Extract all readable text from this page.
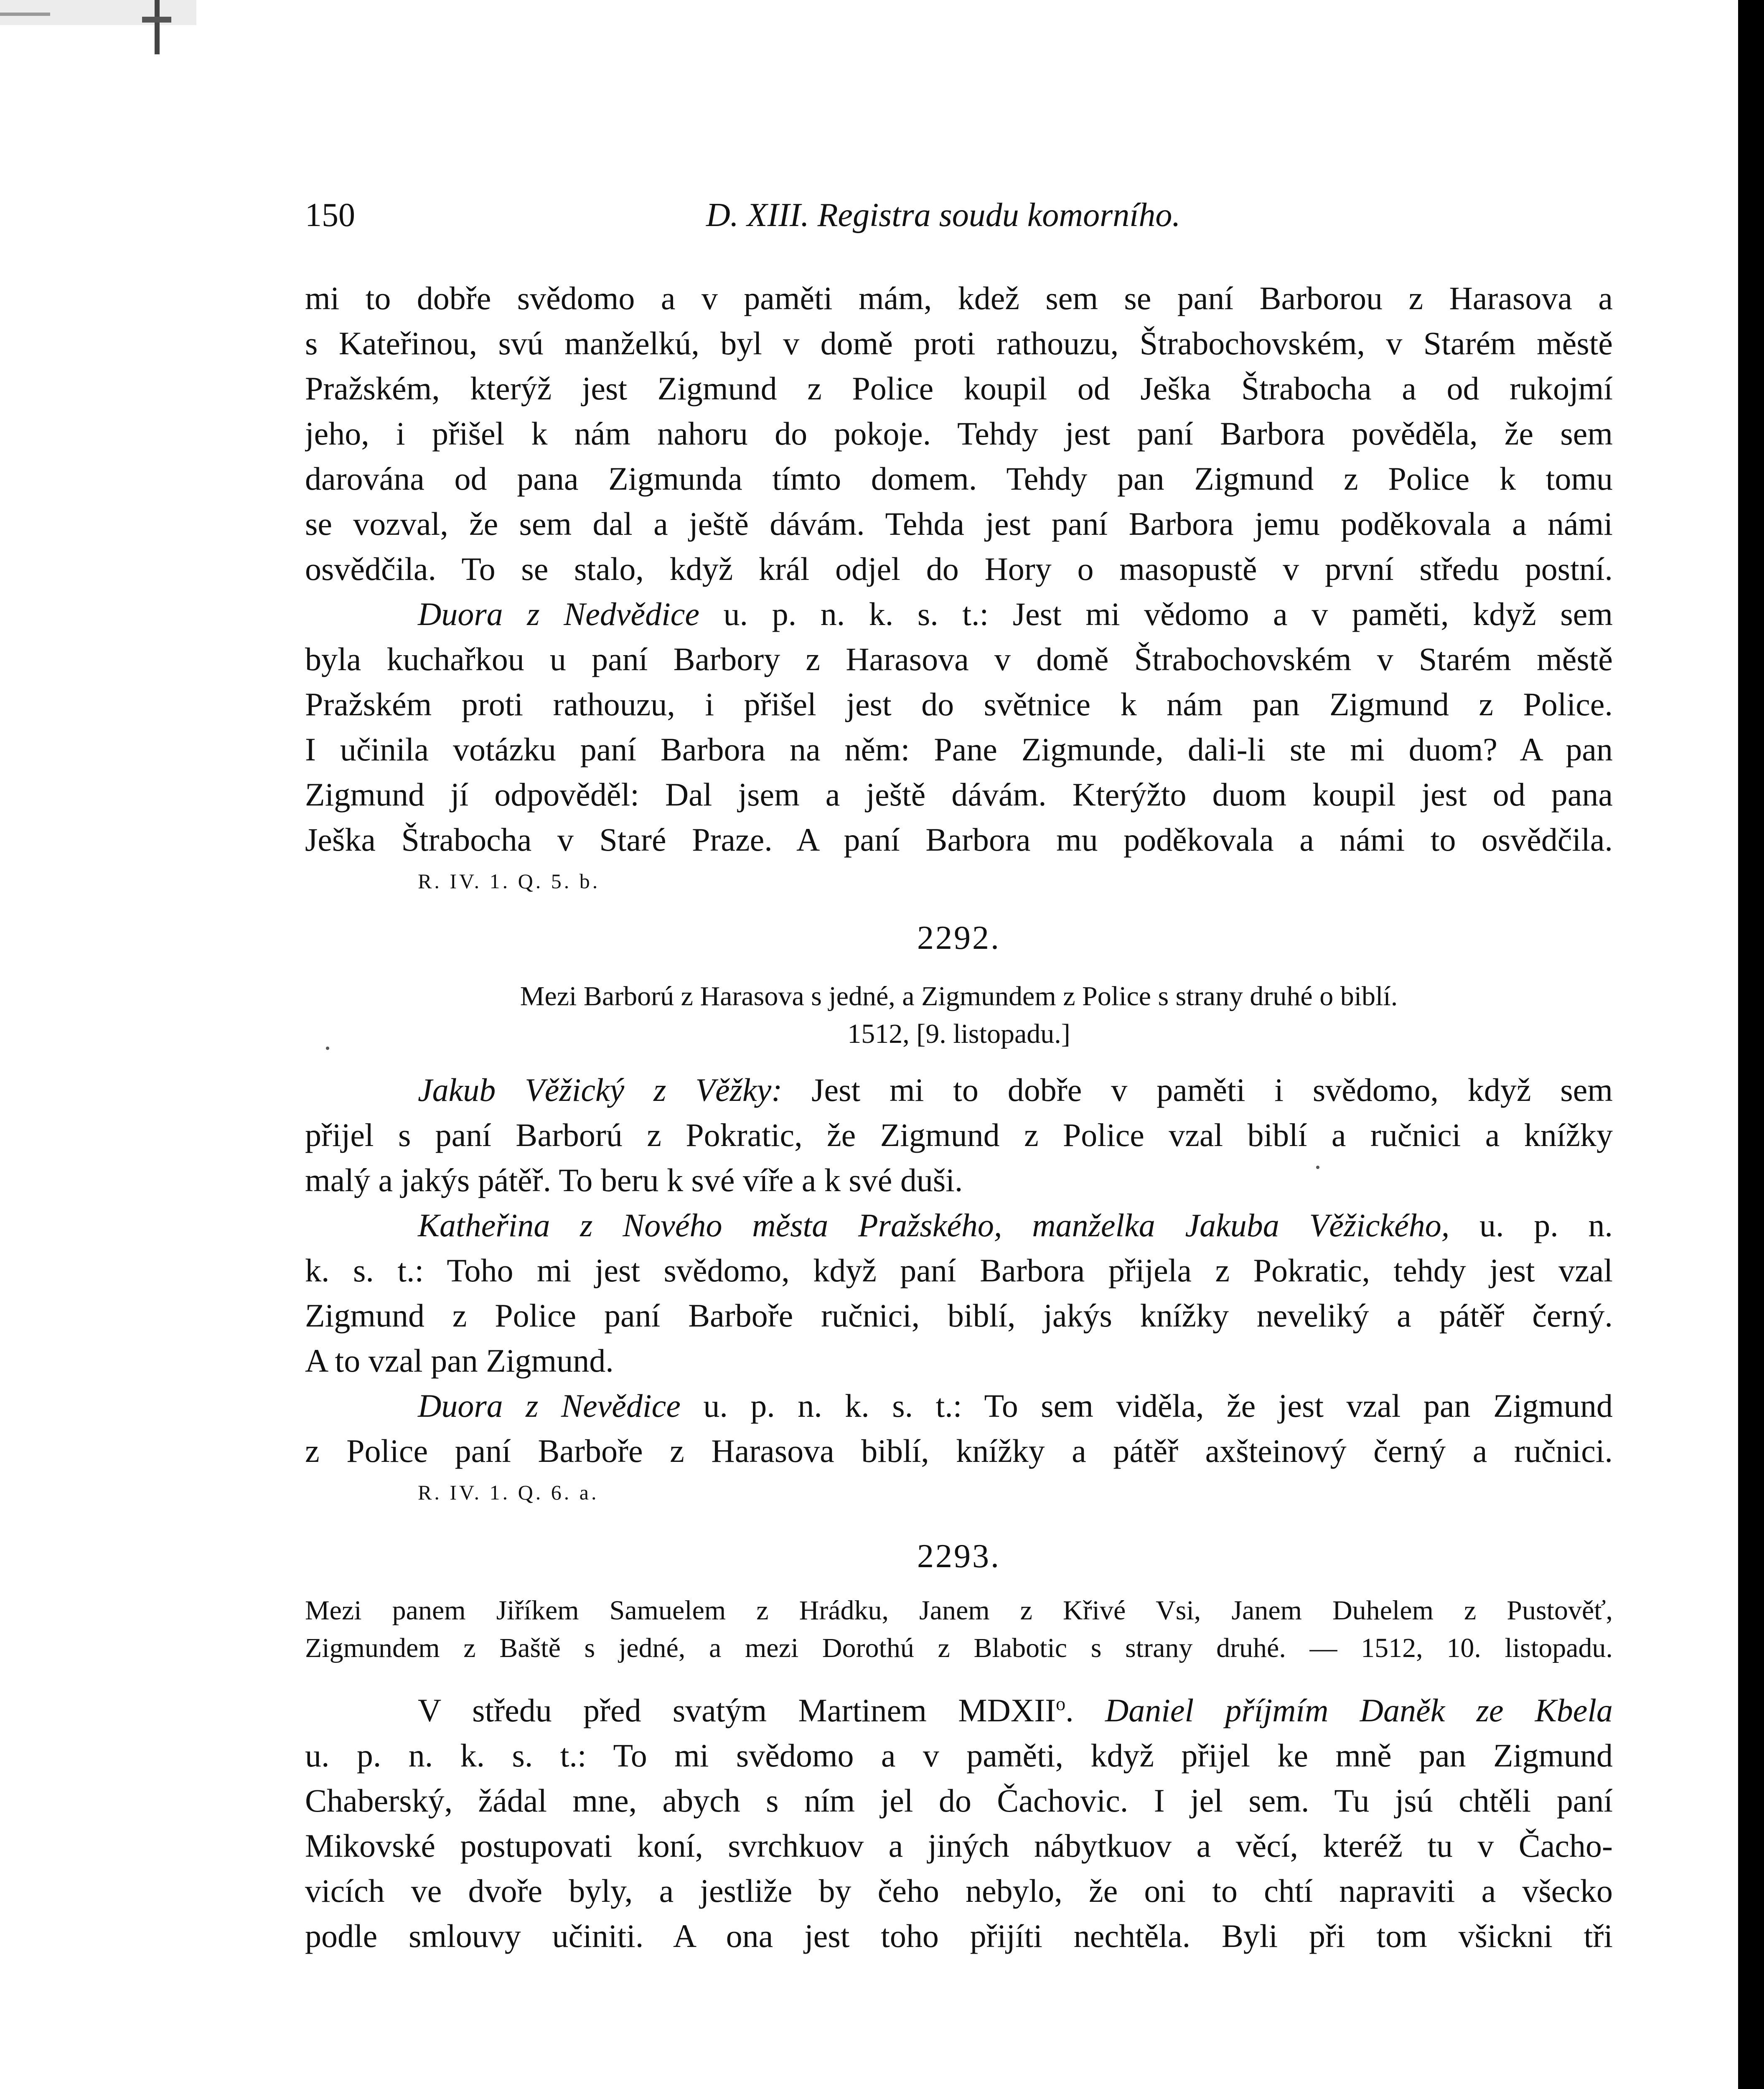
150	D. XIII. Registra soudu komorního.
mi to dobře svědomo a v paměti mám, kdež sem se paní Barborou z Harasova a
s Kateřinou, svú manželkú, byl v domě proti rathouzu, Štrabochovském, v Starém městě
Pražském, kterýž jest Zigmund z Police koupil od Ješka Štrabocha a od rukojmí
jeho, i přišel k nám nahoru do pokoje. Tehdy jest paní Barbora pověděla, že sem
darována od pana Zigmunda tímto domem. Tehdy pan Zigmund z Police k tomu
se vozval, že sem dal a ještě dávám. Tehda jest paní Barbora jemu poděkovala a námi
osvědčila. To se stalo, když král odjel do Hory o masopustě v první středu postní.
Duora z Nedvědice u. p. n. k. s. t.: Jest mi vědomo a v paměti, když sem
byla kuchařkou u paní Barbory z Harasova v domě Štrabochovském v Starém městě
Pražském proti rathouzu, i přišel jest do světnice k nám pan Zigmund z Police.
I učinila votázku paní Barbora na něm: Pane Zigmunde, dali-li ste mi duom? A pan
Zigmund jí odpověděl: Dal jsem a ještě dávám. Kterýžto duom koupil jest od pana
Ješka Štrabocha v Staré Praze. A paní Barbora mu poděkovala a námi to osvědčila.
R. IV. 1. Q. 5. b.
2292.
Mezi Barború z Harasova s jedné, a Zigmundem z Police s strany druhé o biblí.
1512, [9. listopadu.]
Jakub Věžický z Věžky: Jest mi to dobře v paměti i svědomo, když sem
přijel s paní Barború z Pokratic, že Zigmund z Police vzal biblí a ručnici a knížky
malý a jakýs pátěř. To beru k své víře a k své duši.
Katheřina z Nového města Pražského, manželka Jakuba Věžického, u. p. n.
k. s. t.: Toho mi jest svědomo, když paní Barbora přijela z Pokratic, tehdy jest vzal
Zigmund z Police paní Barboře ručnici, biblí, jakýs knížky neveliký a pátěř černý.
A to vzal pan Zigmund.
Duora z Nevědice u. p. n. k. s. t.: To sem viděla, že jest vzal pan Zigmund
z Police paní Barboře z Harasova biblí, knížky a pátěř axšteinový černý a ručnici.
R. IV. 1. Q. 6. a.
2293.
Mezi panem Jiříkem Samuelem z Hrádku, Janem z Křivé Vsi, Janem Duhelem z Pustověť,
Zigmundem z Baště s jedné, a mezi Dorothú z Blabotic s strany druhé. — 1512, 10. listopadu.
V středu před svatým Martinem MDXII$^o$. Daniel příjmím Daněk ze Kbela
u. p. n. k. s. t.: To mi svědomo a v paměti, když přijel ke mně pan Zigmund
Chaberský, žádal mne, abych s ním jel do Čachovic. I jel sem. Tu jsú chtěli paní
Mikovské postupovati koní, svrchkuov a jiných nábytkuov a věcí, kteréž tu v Čacho-
vicích ve dvoře byly, a jestliže by čeho nebylo, že oni to chtí napraviti a všecko
podle smlouvy učiniti. A ona jest toho přijíti nechtěla. Byli při tom všickni tři
